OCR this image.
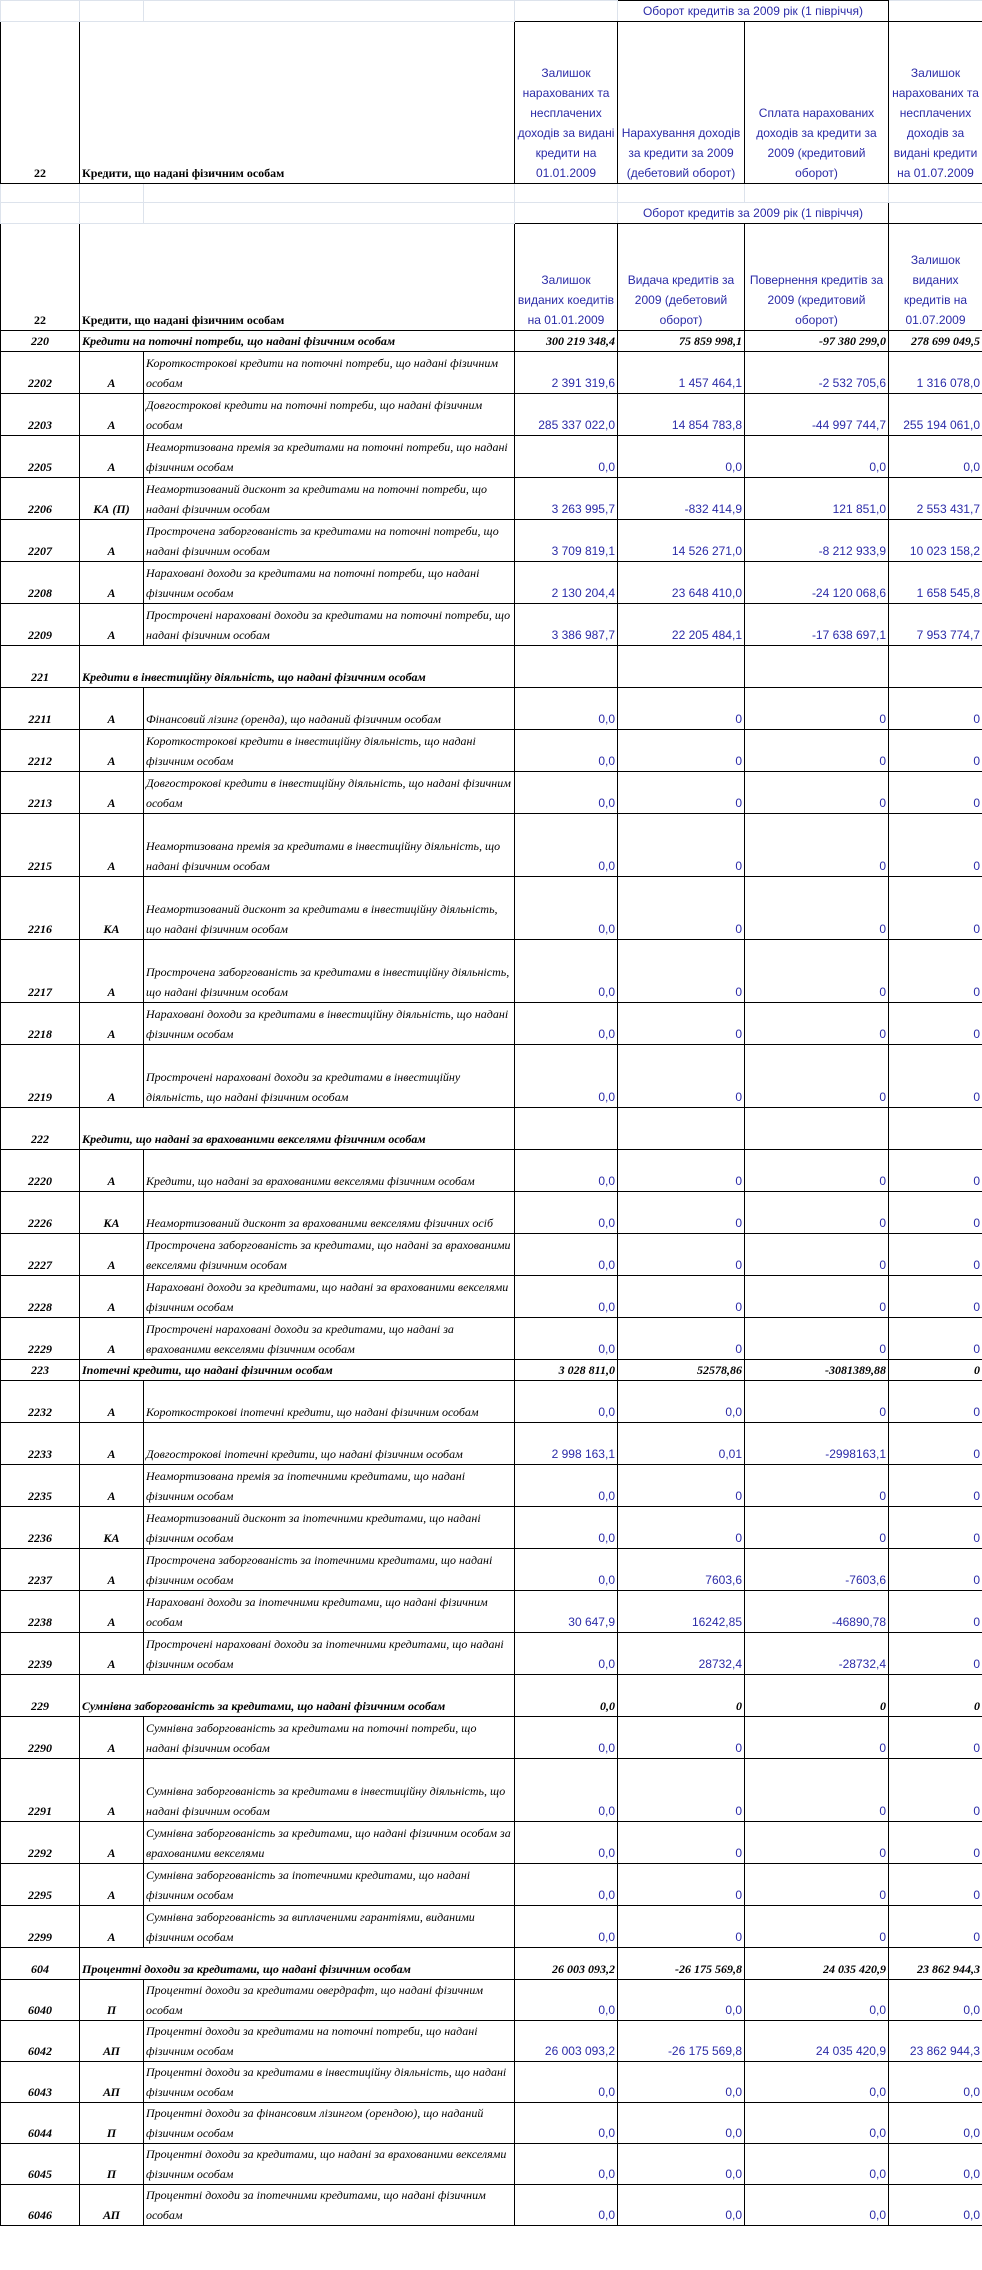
				Оборот кредитів за 2009 рік (1 півріччя)		
22	Кредити, що надані фізичним особам		Залишок нарахованих та несплачених доходів за видані кредити на 01.01.2009	Нарахування доходів за кредити за 2009 (дебетовий оборот)	Сплата нарахованих доходів за кредити за 2009 (кредитовий оборот)	Залишок нарахованих та несплачених доходів за видані кредити на 01.07.2009

				Оборот кредитів за 2009 рік (1 півріччя)		
22	Кредити, що надані фізичним особам		Залишок виданих коедитів на 01.01.2009	Видача кредитів за 2009 (дебетовий оборот)	Повернення кредитів за 2009 (кредитовий оборот)	Залишок виданих кредитів на 01.07.2009
220	Кредити на поточні потреби, що надані фізичним особам		300 219 348,4	75 859 998,1	-97 380 299,0	278 699 049,5
2202	А	Короткострокові кредити на поточні потреби, що надані фізичним особам	2 391 319,6	1 457 464,1	-2 532 705,6	1 316 078,0
2203	А	Довгострокові кредити на поточні потреби, що надані фізичним особам	285 337 022,0	14 854 783,8	-44 997 744,7	255 194 061,0
2205	А	Неамортизована премія за кредитами на поточні потреби, що надані фізичним особам	0,0	0,0	0,0	0,0
2206	КА (П)	Неамортизований дисконт за кредитами на поточні потреби, що надані фізичним особам	3 263 995,7	-832 414,9	121 851,0	2 553 431,7
2207	А	Прострочена заборгованість за кредитами на поточні потреби, що надані фізичним особам	3 709 819,1	14 526 271,0	-8 212 933,9	10 023 158,2
2208	А	Нараховані доходи за кредитами на поточні потреби, що надані фізичним особам	2 130 204,4	23 648 410,0	-24 120 068,6	1 658 545,8
2209	А	Прострочені нараховані доходи за кредитами на поточні потреби, що надані фізичним особам	3 386 987,7	22 205 484,1	-17 638 697,1	7 953 774,7
221	Кредити в інвестиційну діяльність, що надані фізичним особам					
2211	А	Фінансовий лізинг (оренда), що наданий фізичним особам	0,0	0	0	0
2212	А	Короткострокові кредити в інвестиційну діяльність, що надані фізичним особам	0,0	0	0	0
2213	А	Довгострокові кредити в інвестиційну діяльність, що надані фізичним особам	0,0	0	0	0
2215	А	Неамортизована премія за кредитами в інвестиційну діяльність, що надані фізичним особам	0,0	0	0	0
2216	КА	Неамортизований дисконт за кредитами в інвестиційну діяльність, що надані фізичним особам	0,0	0	0	0
2217	А	Прострочена заборгованість за кредитами в інвестиційну діяльність, що надані фізичним особам	0,0	0	0	0
2218	А	Нараховані доходи за кредитами в інвестиційну діяльність, що надані фізичним особам	0,0	0	0	0
2219	А	Прострочені нараховані доходи за кредитами в інвестиційну діяльність, що надані фізичним особам	0,0	0	0	0
222	Кредити, що надані за врахованими векселями фізичним особам					
2220	А	Кредити, що надані за врахованими векселями фізичним особам	0,0	0	0	0
2226	КА	Неамортизований дисконт за врахованими векселями фізичних осіб	0,0	0	0	0
2227	А	Прострочена заборгованість за кредитами, що надані за врахованими векселями фізичним особам	0,0	0	0	0
2228	А	Нараховані доходи за кредитами, що надані за врахованими векселями фізичним особам	0,0	0	0	0
2229	А	Прострочені нараховані доходи за кредитами, що надані за врахованими векселями фізичним особам	0,0	0	0	0
223	Іпотечні кредити, що надані фізичним особам		3 028 811,0	52578,86	-3081389,88	0
2232	А	Короткострокові іпотечні кредити, що надані фізичним особам	0,0	0,0	0	0
2233	А	Довгострокові іпотечні кредити, що надані фізичним особам	2 998 163,1	0,01	-2998163,1	0
2235	А	Неамортизована премія за іпотечними кредитами, що надані фізичним особам	0,0	0	0	0
2236	КА	Неамортизований дисконт за іпотечними кредитами, що надані фізичним особам	0,0	0	0	0
2237	А	Прострочена заборгованість за іпотечними кредитами, що надані фізичним особам	0,0	7603,6	-7603,6	0
2238	А	Нараховані доходи за іпотечними кредитами, що надані фізичним особам	30 647,9	16242,85	-46890,78	0
2239	А	Прострочені нараховані доходи за іпотечними кредитами, що надані фізичним особам	0,0	28732,4	-28732,4	0
229	Сумнівна заборгованість за кредитами, що надані фізичним особам		0,0	0	0	0
2290	А	Сумнівна заборгованість за кредитами на поточні потреби, що надані фізичним особам	0,0	0	0	0
2291	А	Сумнівна заборгованість за кредитами в інвестиційну діяльність, що надані фізичним особам	0,0	0	0	0
2292	А	Сумнівна заборгованість за кредитами, що надані фізичним особам за врахованими векселями	0,0	0	0	0
2295	А	Сумнівна заборгованість за іпотечними кредитами, що надані фізичним особам	0,0	0	0	0
2299	А	Сумнівна заборгованість за виплаченими гарантіями, виданими фізичним особам	0,0	0	0	0
604	Процентні доходи за кредитами, що надані фізичним особам		26 003 093,2	-26 175 569,8	24 035 420,9	23 862 944,3
6040	П	Процентні доходи за кредитами овердрафт, що надані фізичним особам	0,0	0,0	0,0	0,0
6042	АП	Процентні доходи за кредитами на поточні потреби, що надані фізичним особам	26 003 093,2	-26 175 569,8	24 035 420,9	23 862 944,3
6043	АП	Процентні доходи за кредитами в інвестиційну діяльність, що надані фізичним особам	0,0	0,0	0,0	0,0
6044	П	Процентні доходи за фінансовим лізингом (орендою), що наданий фізичним особам	0,0	0,0	0,0	0,0
6045	П	Процентні доходи за кредитами, що надані за врахованими векселями фізичним особам	0,0	0,0	0,0	0,0
6046	АП	Процентні доходи за іпотечними кредитами, що надані фізичним особам	0,0	0,0	0,0	0,0
